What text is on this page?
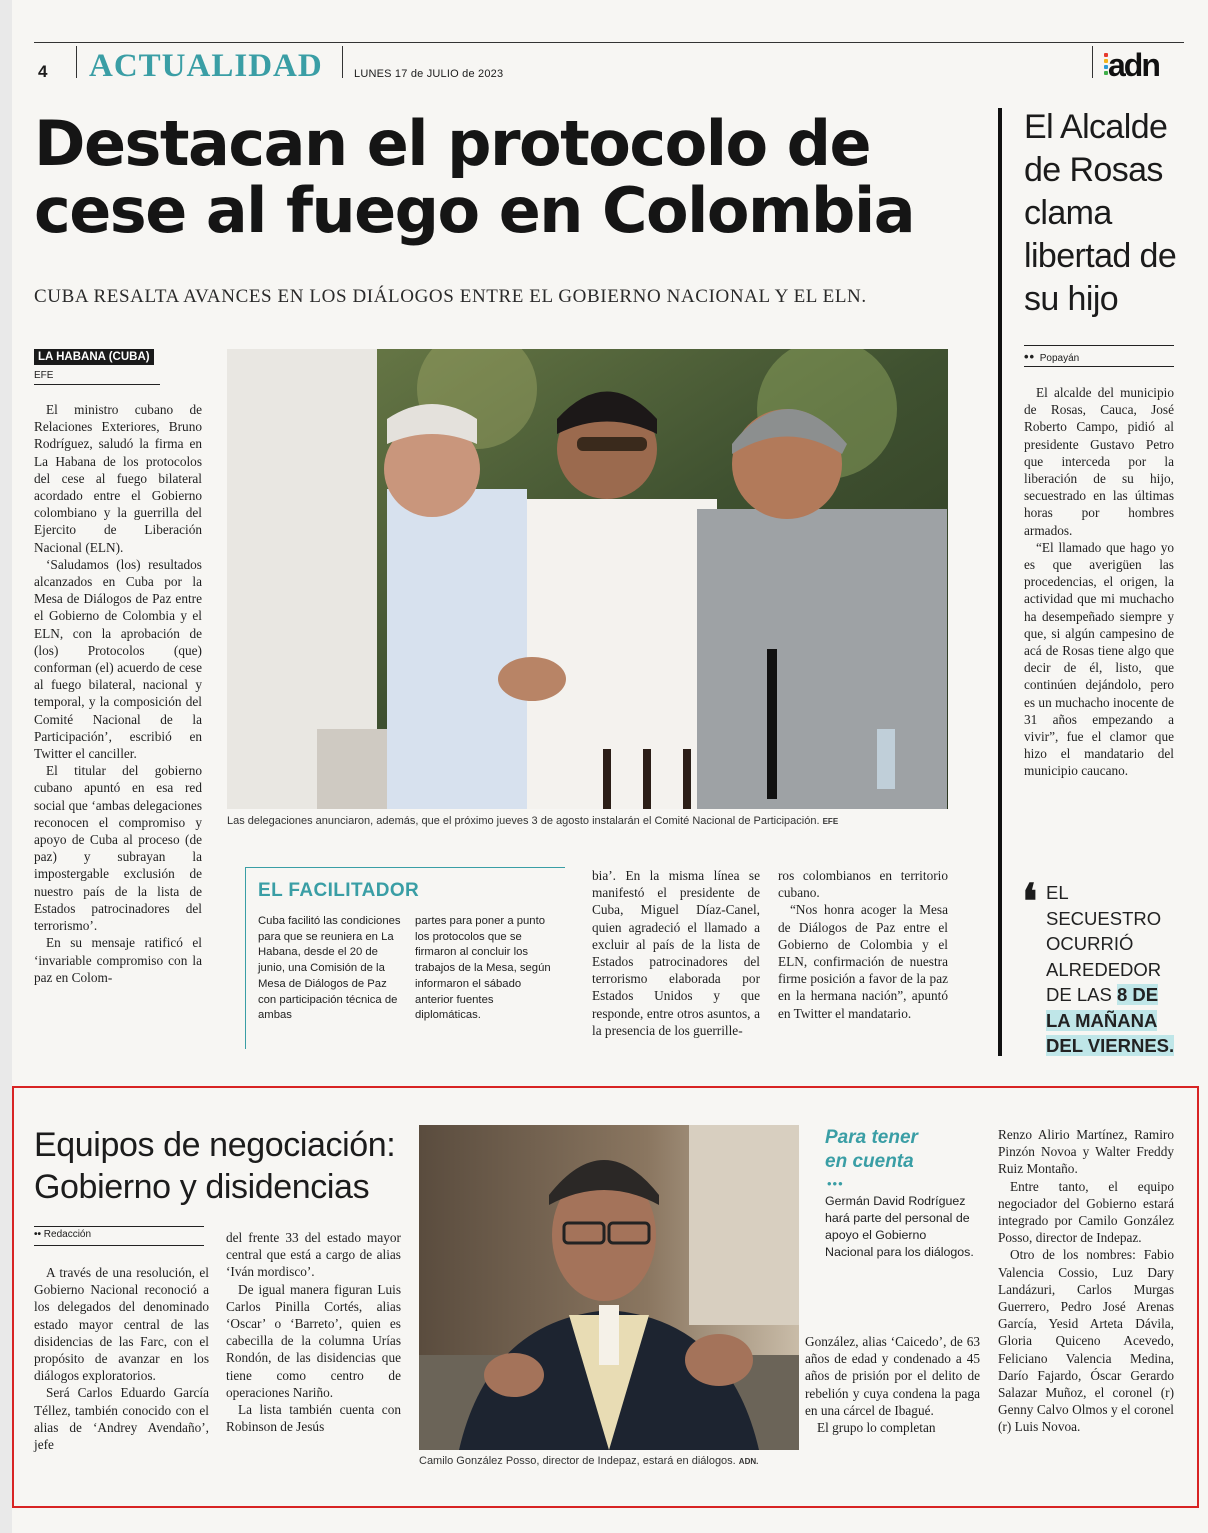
4 ACTUALIDAD	LUNES 17 de JULIO de 2023	adn
Destacan el protocolo de
cese al fuego en Colombia
CUBA RESALTA AVANCES EN LOS DIÁLOGOS ENTRE EL GOBIERNO NACIONAL Y EL ELN.
LA HABANA (CUBA)
EFE

El ministro cubano de Relaciones Exteriores, Bruno Rodríguez, saludó la firma en La Habana de los protocolos del cese al fuego bilateral acordado entre el Gobierno colombiano y la guerrilla del Ejercito de Liberación Nacional (ELN).

‘Saludamos (los) resultados alcanzados en Cuba por la Mesa de Diálogos de Paz entre el Gobierno de Colombia y el ELN, con la aprobación de (los) Protocolos (que) conforman (el) acuerdo de cese al fuego bilateral, nacional y temporal, y la composición del Comité Nacional de la Participación’, escribió en Twitter el canciller.

El titular del gobierno cubano apuntó en esa red social que ‘ambas delegaciones reconocen el compromiso y apoyo de Cuba al proceso (de paz) y subrayan la impostergable exclusión de nuestro país de la lista de Estados patrocinadores del terrorismo’.

En su mensaje ratificó el ‘invariable compromiso con la paz en Colom-

Las delegaciones anunciaron, además, que el próximo jueves 3 de agosto instalarán el Comité Nacional de Participación. EFE
EL FACILITADOR
Cuba facilitó las condiciones para que se reuniera en La Habana, desde el 20 de junio, una Comisión de la Mesa de Diálogos de Paz con participación técnica de ambas
partes para poner a punto los protocolos que se firmaron al concluir los trabajos de la Mesa, según informaron el sábado anterior fuentes diplomáticas.

bia’. En la misma línea se manifestó el presidente de Cuba, Miguel Díaz-Canel, quien agradeció el llamado a excluir al país de la lista de Estados patrocinadores del terrorismo elaborada por Estados Unidos y que responde, entre otros asuntos, a la presencia de los guerrille-

ros colombianos en territorio cubano.

“Nos honra acoger la Mesa de Diálogos de Paz entre el Gobierno de Colombia y el ELN, confirmación de nuestra firme posición a favor de la paz en la hermana nación”, apuntó en Twitter el mandatario.

El Alcalde de Rosas clama libertad de su hijo
•• Popayán

El alcalde del municipio de Rosas, Cauca, José Roberto Campo, pidió al presidente Gustavo Petro que interceda por la liberación de su hijo, secuestrado en las últimas horas por hombres armados.

“El llamado que hago yo es que averigüen las procedencias, el origen, la actividad que mi muchacho ha desempeñado siempre y que, si algún campesino de acá de Rosas tiene algo que decir de él, listo, que continúen dejándolo, pero es un muchacho inocente de 31 años empezando a vivir”, fue el clamor que hizo el mandatario del municipio caucano.

❛ EL SECUESTRO OCURRIÓ ALREDEDOR DE LAS 8 DE LA MAÑANA DEL VIERNES.
Equipos de negociación: Gobierno y disidencias
•• Redacción

A través de una resolución, el Gobierno Nacional reconoció a los delegados del denominado estado mayor central de las disidencias de las Farc, con el propósito de avanzar en los diálogos exploratorios.

Será Carlos Eduardo García Téllez, también conocido con el alias de ‘Andrey Avendaño’, jefe

del frente 33 del estado mayor central que está a cargo de alias ‘Iván mordisco’.

De igual manera figuran Luis Carlos Pinilla Cortés, alias ‘Oscar’ o ‘Barreto’, quien es cabecilla de la columna Urías Rondón, de las disidencias que tiene como centro de operaciones Nariño.

La lista también cuenta con Robinson de Jesús

Camilo González Posso, director de Indepaz, estará en diálogos. ADN.
Para tener
en cuenta
•••
Germán David Rodríguez hará parte del personal de apoyo el Gobierno Nacional para los diálogos.

González, alias ‘Caicedo’, de 63 años de edad y condenado a 45 años de prisión por el delito de rebelión y cuya condena la paga en una cárcel de Ibagué.

El grupo lo completan

Renzo Alirio Martínez, Ramiro Pinzón Novoa y Walter Freddy Ruiz Montaño.

Entre tanto, el equipo negociador del Gobierno estará integrado por Camilo González Posso, director de Indepaz.

Otro de los nombres: Fabio Valencia Cossio, Luz Dary Landázuri, Carlos Murgas Guerrero, Pedro José Arenas García, Yesid Arteta Dávila, Gloria Quiceno Acevedo, Feliciano Valencia Medina, Darío Fajardo, Óscar Gerardo Salazar Muñoz, el coronel (r) Genny Calvo Olmos y el coronel (r) Luis Novoa.
